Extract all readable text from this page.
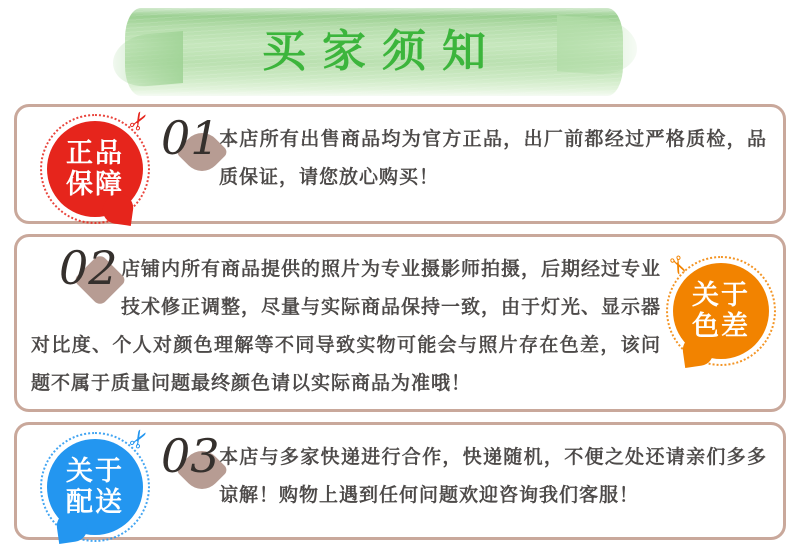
买家须知
✂
正品
保障
01 本店所有出售商品均为官方正品，出厂前都经过严格质检，品质保证，请您放心购买！

02	✂
关于
色差

店铺内所有商品提供的照片为专业摄影师拍摄，后期经过专业技术修正调整，尽量与实际商品保持一致，由于灯光、显示器对比度、个人对颜色理解等不同导致实物可能会与照片存在色差，该问题不属于质量问题最终颜色请以实际商品为准哦！

✂
关于
配送
03 本店与多家快递进行合作，快递随机，不便之处还请亲们多多谅解！购物上遇到任何问题欢迎咨询我们客服！
